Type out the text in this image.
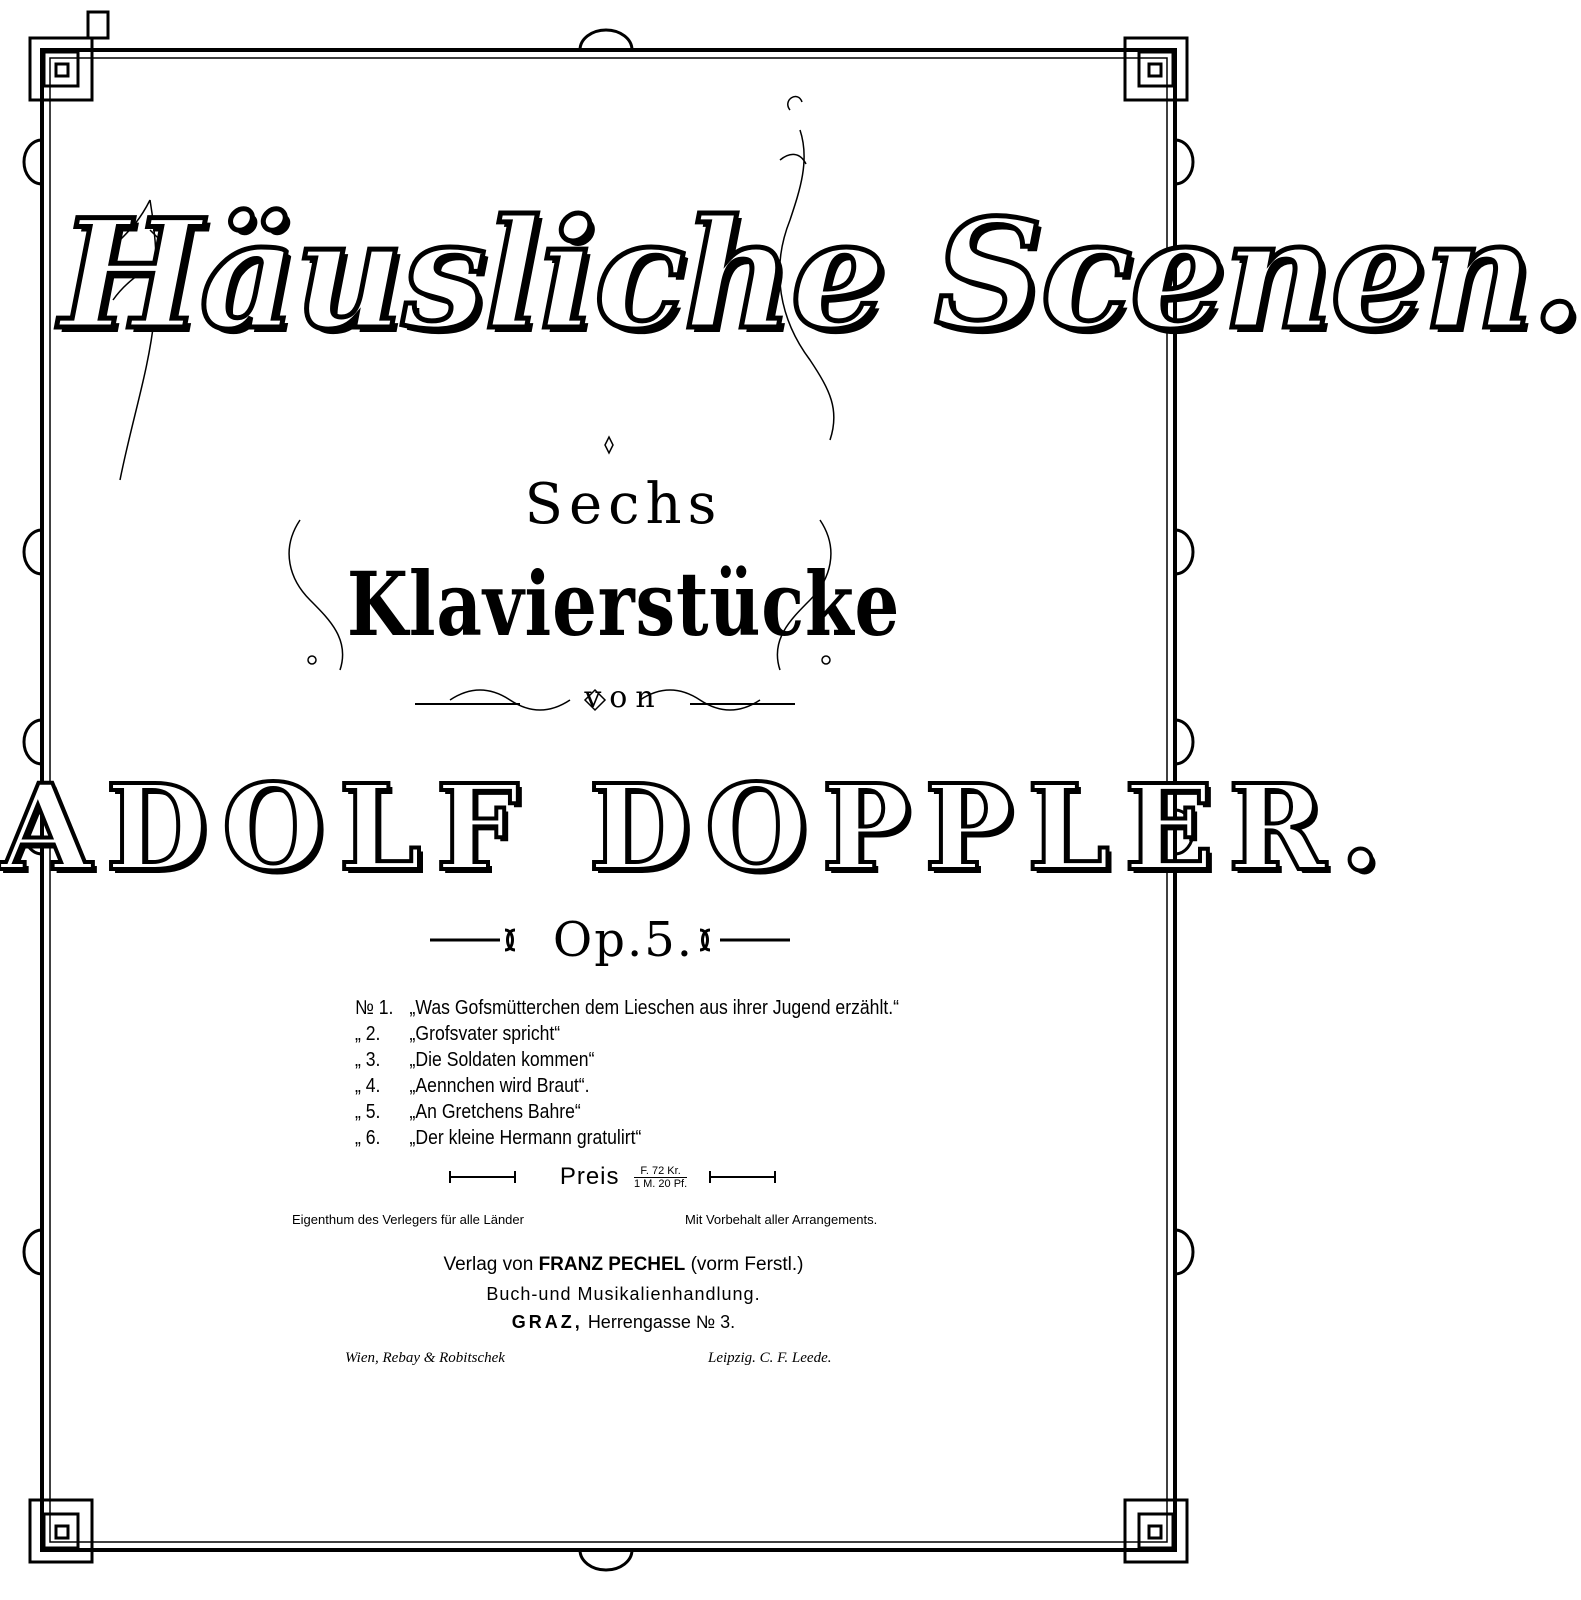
Häusliche Scenen.
Sechs
Klavierstücke
von
ADOLF DOPPLER.
Op.5.
№ 1. „Was Gofsmütterchen dem Lieschen aus ihrer Jugend erzählt.“
„ 2.	„Grofsvater spricht“
„ 3.	„Die Soldaten kommen“
„ 4.	„Aennchen wird Braut“.
„ 5.	„An Gretchens Bahre“
„ 6.	„Der kleine Hermann gratulirt“
Preis $\frac{F. 72 Kr.}{1 M. 20 Pf.}$
Eigenthum des Verlegers für alle Länder	Mit Vorbehalt aller Arrangements.
Verlag von FRANZ PECHEL (vorm Ferstl.)
Buch-und Musikalienhandlung.
GRAZ, Herrengasse № 3.
Wien, Rebay & Robitschek	Leipzig. C. F. Leede.
